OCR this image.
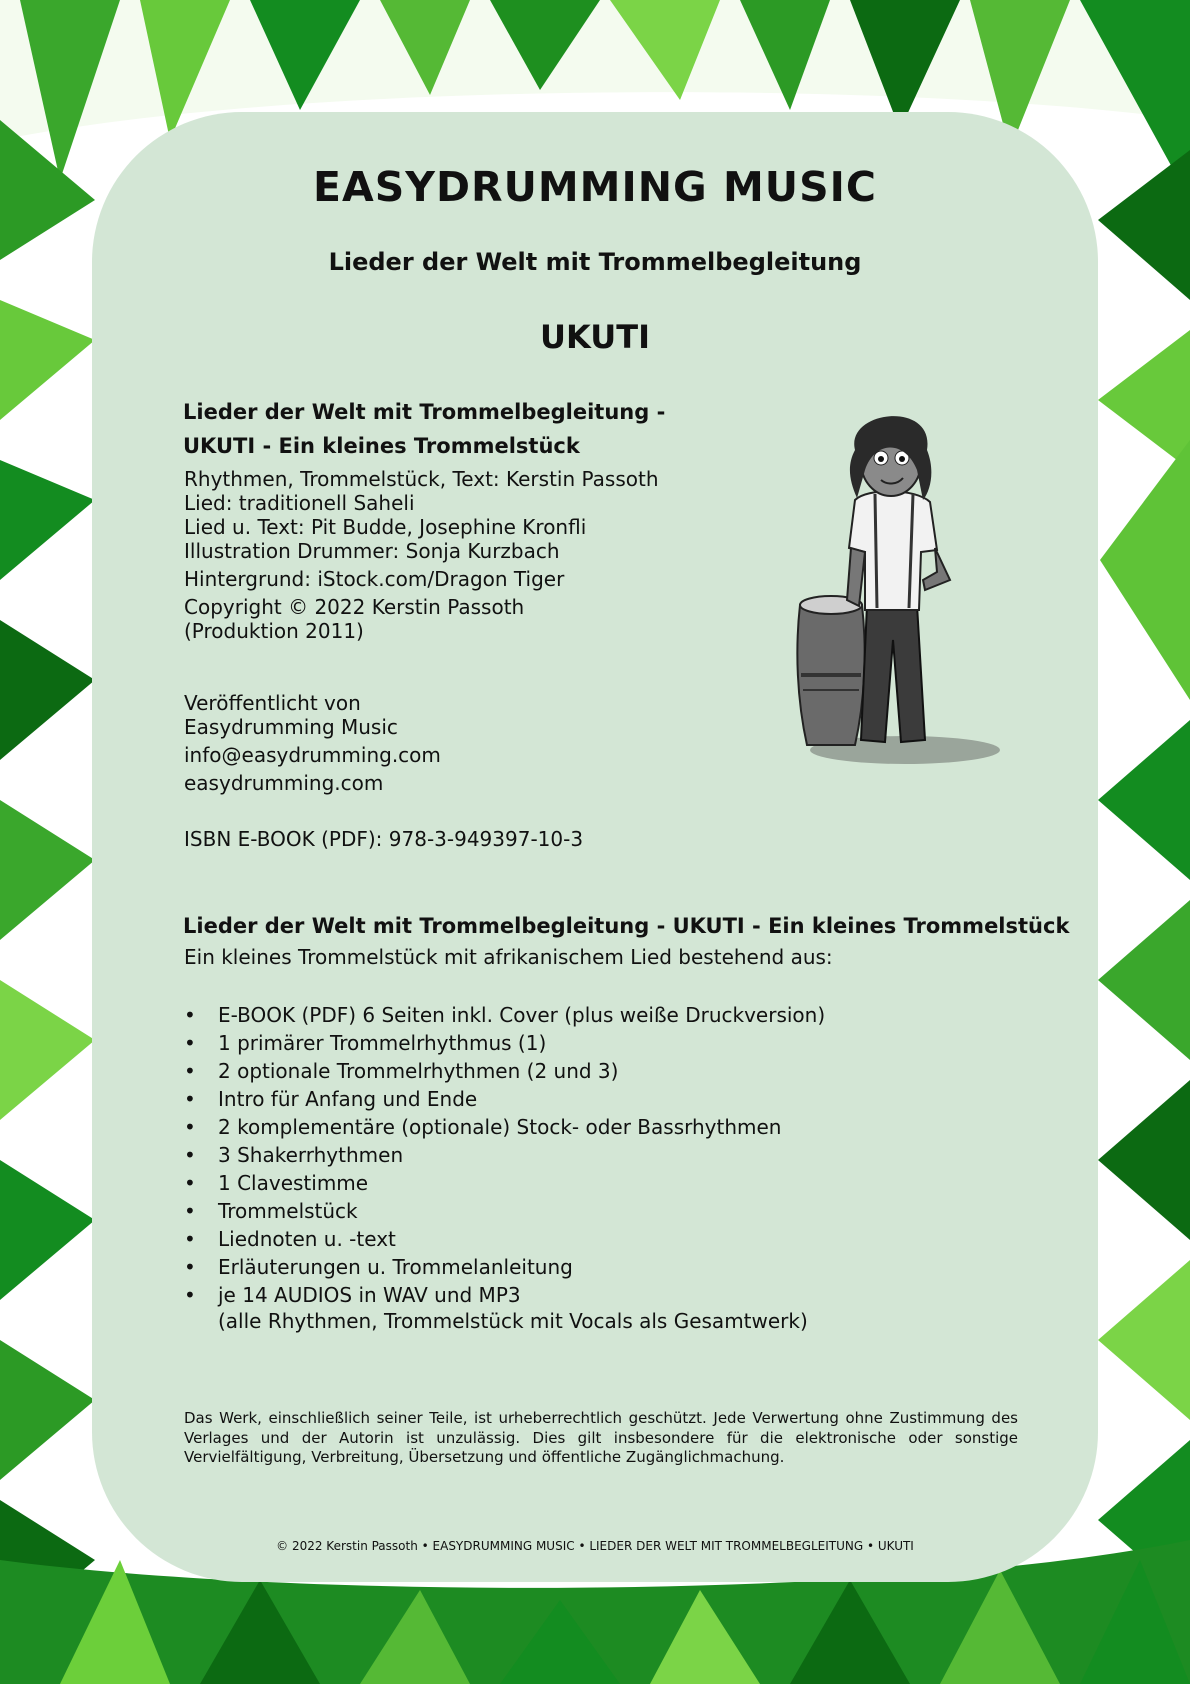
EASYDRUMMING MUSIC
Lieder der Welt mit Trommelbegleitung
UKUTI
Lieder der Welt mit Trommelbegleitung -
UKUTI - Ein kleines Trommelstück
Rhythmen, Trommelstück, Text: Kerstin Passoth
Lied: traditionell Saheli
Lied u. Text: Pit Budde, Josephine Kronfli
Illustration Drummer: Sonja Kurzbach
Hintergrund: iStock.com/Dragon Tiger
Copyright © 2022 Kerstin Passoth
(Produktion 2011)
Veröffentlicht von
Easydrumming Music
info@easydrumming.com
easydrumming.com
ISBN E-BOOK (PDF): 978-3-949397-10-3
Lieder der Welt mit Trommelbegleitung - UKUTI - Ein kleines Trommelstück
Ein kleines Trommelstück mit afrikanischem Lied bestehend aus:
• E-BOOK (PDF) 6 Seiten inkl. Cover (plus weiße Druckversion)
• 1 primärer Trommelrhythmus (1)
• 2 optionale Trommelrhythmen (2 und 3)
• Intro für Anfang und Ende
• 2 komplementäre (optionale) Stock- oder Bassrhythmen
• 3 Shakerrhythmen
• 1 Clavestimme
• Trommelstück
• Liednoten u. -text
• Erläuterungen u. Trommelanleitung
• je 14 AUDIOS in WAV und MP3
(alle Rhythmen, Trommelstück mit Vocals als Gesamtwerk)
Das Werk, einschließlich seiner Teile, ist urheberrechtlich geschützt. Jede Verwertung ohne Zustimmung des Verlages und der Autorin ist unzulässig. Dies gilt insbesondere für die elektronische oder sonstige Vervielfältigung, Verbreitung, Übersetzung und öffentliche Zugänglichmachung.
© 2022 Kerstin Passoth • EASYDRUMMING MUSIC • LIEDER DER WELT MIT TROMMELBEGLEITUNG • UKUTI
